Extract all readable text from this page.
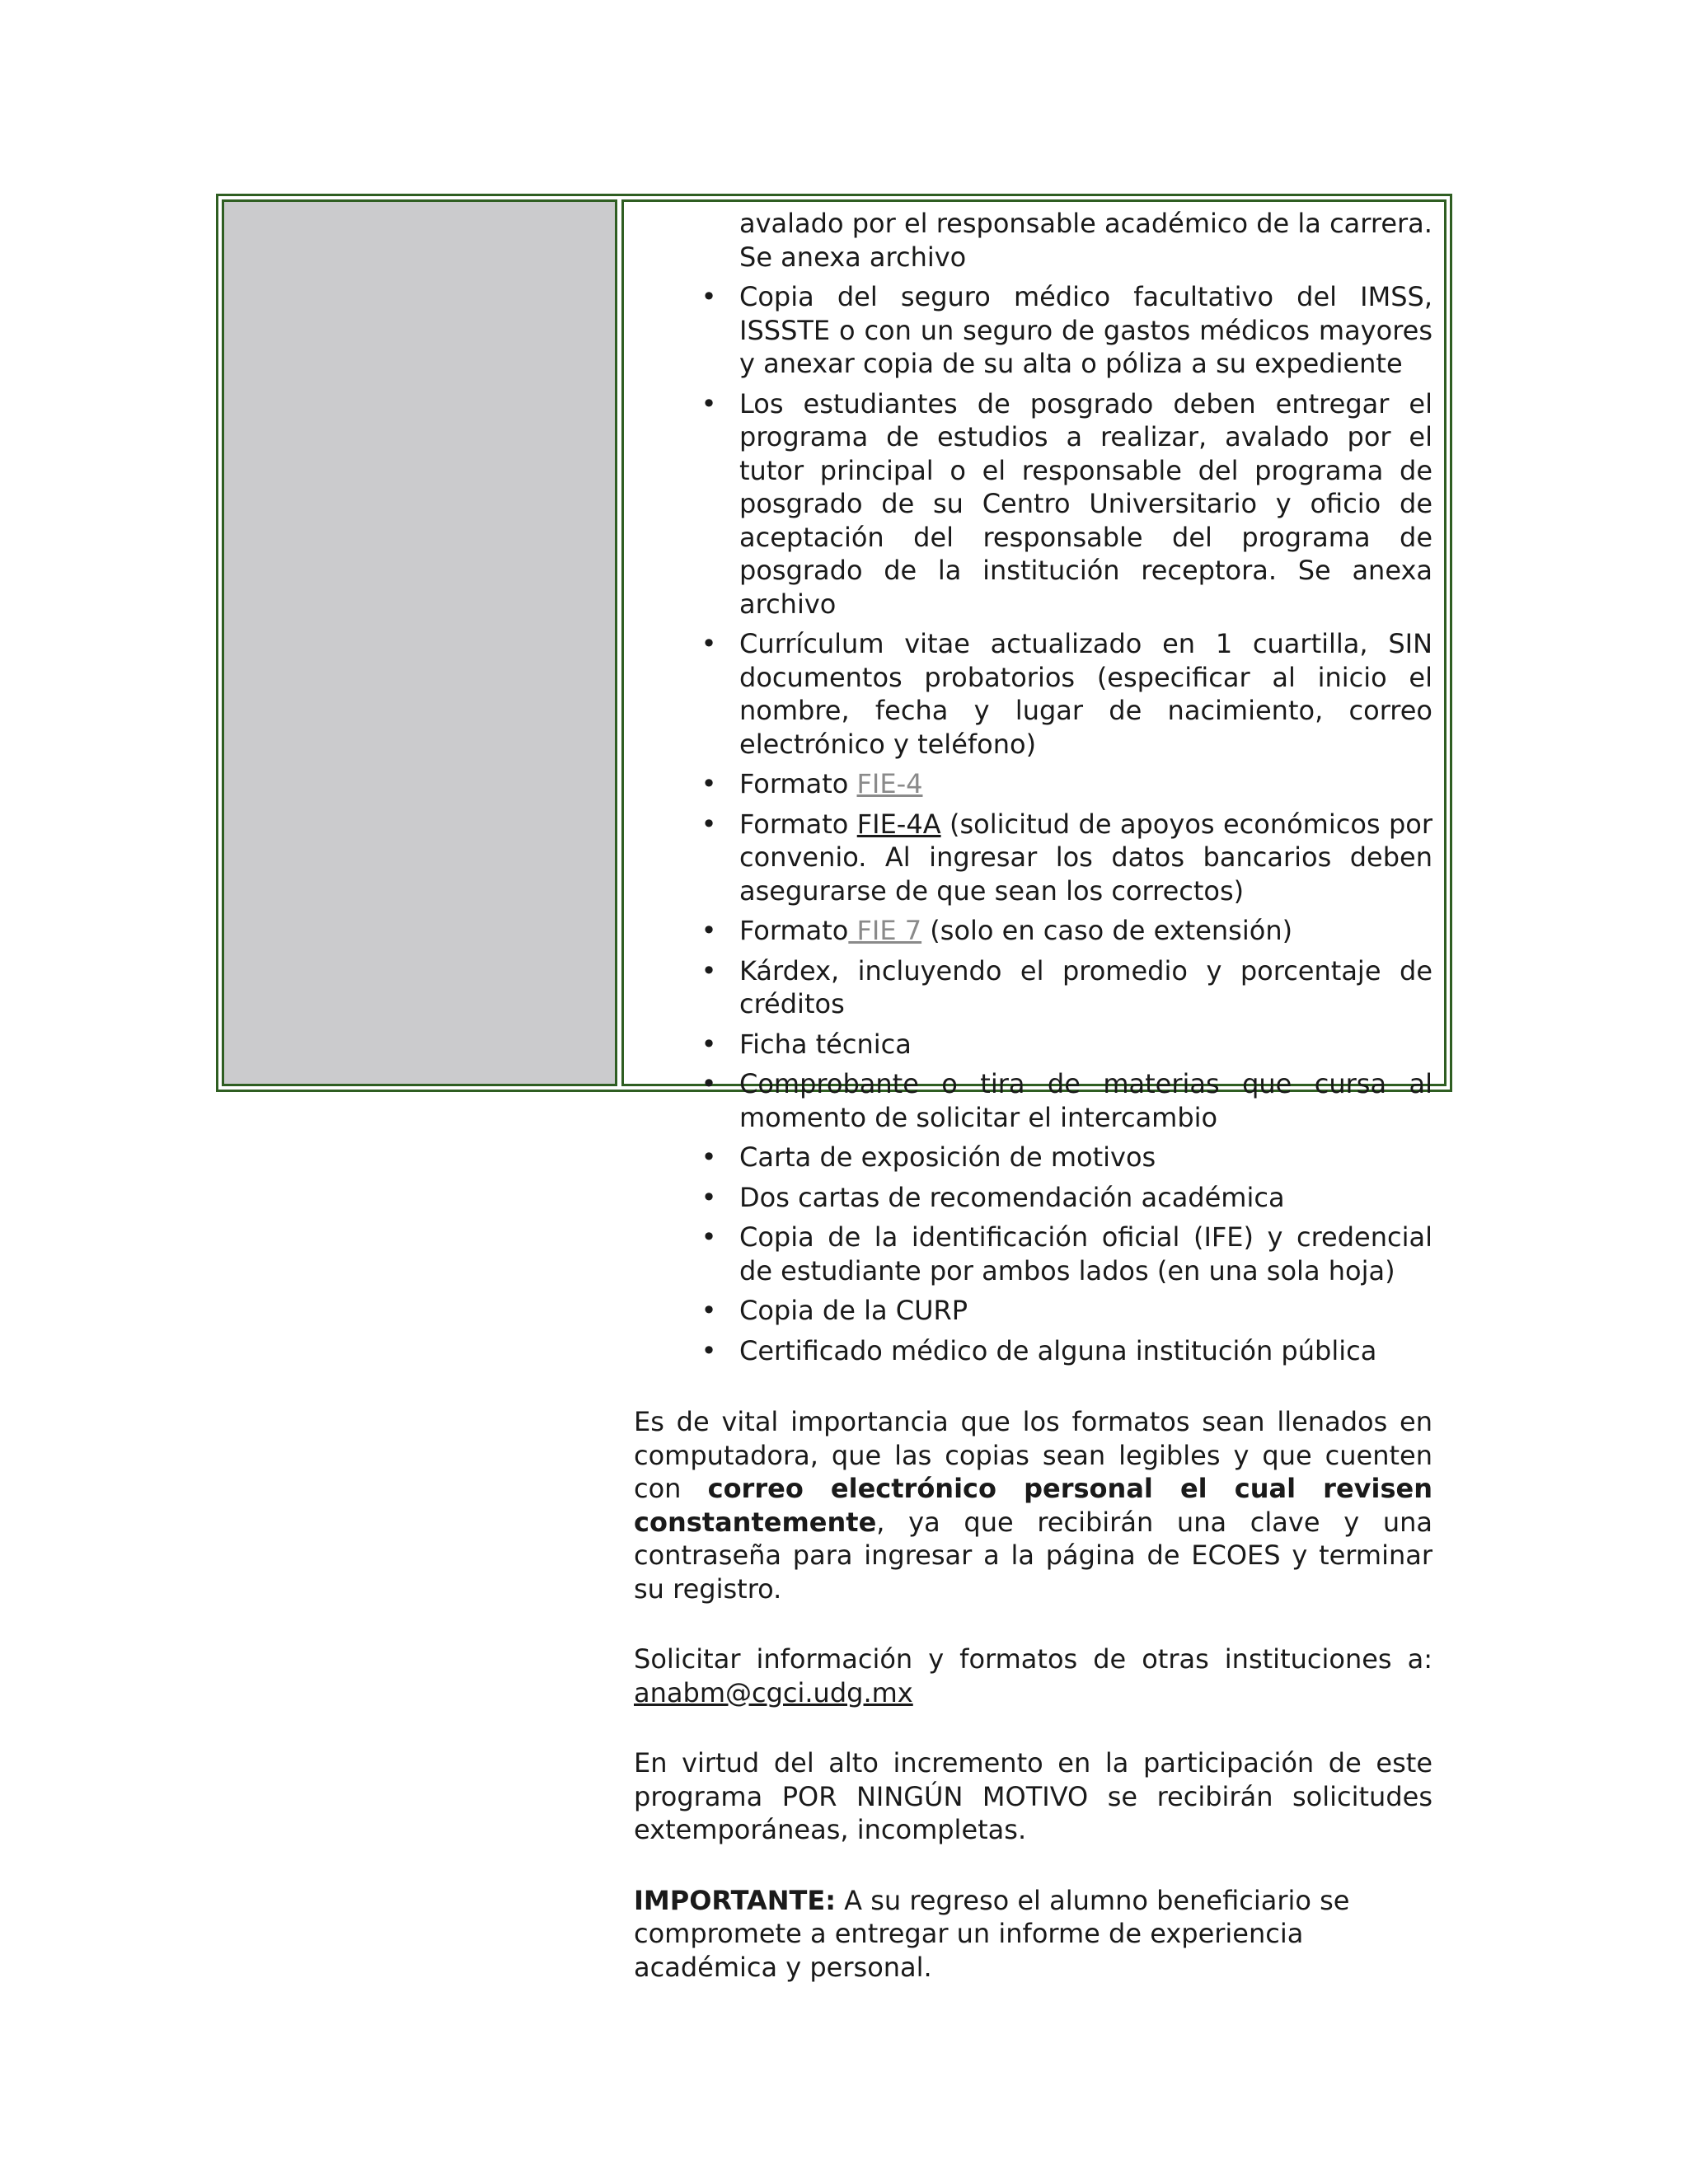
avalado por el responsable académico de la carrera.
Se anexa archivo
• Copia del seguro médico facultativo del IMSS, ISSSTE o con un seguro de gastos médicos mayores y anexar copia de su alta o póliza a su expediente
• Los estudiantes de posgrado deben entregar el programa de estudios a realizar, avalado por el tutor principal o el responsable del programa de posgrado de su Centro Universitario y oficio de aceptación del responsable del programa de posgrado de la institución receptora. Se anexa archivo
• Currículum vitae actualizado en 1 cuartilla, SIN documentos probatorios (especificar al inicio el nombre, fecha y lugar de nacimiento, correo electrónico y teléfono)
• Formato FIE-4
• Formato FIE-4A (solicitud de apoyos económicos por convenio. Al ingresar los datos bancarios deben asegurarse de que sean los correctos)
• Formato FIE 7 (solo en caso de extensión)
• Kárdex, incluyendo el promedio y porcentaje de créditos
• Ficha técnica
• Comprobante o tira de materias que cursa al momento de solicitar el intercambio
• Carta de exposición de motivos
• Dos cartas de recomendación académica
• Copia de la identificación oficial (IFE) y credencial de estudiante por ambos lados (en una sola hoja)
• Copia de la CURP
• Certificado médico de alguna institución pública

Es de vital importancia que los formatos sean llenados en computadora, que las copias sean legibles y que cuenten con correo electrónico personal el cual revisen constantemente, ya que recibirán una clave y una contraseña para ingresar a la página de ECOES y terminar su registro.

Solicitar información y formatos de otras instituciones a: anabm@cgci.udg.mx

En virtud del alto incremento en la participación de este programa POR NINGÚN MOTIVO se recibirán solicitudes extemporáneas, incompletas.

IMPORTANTE: A su regreso el alumno beneficiario se compromete a entregar un informe de experiencia académica y personal.
